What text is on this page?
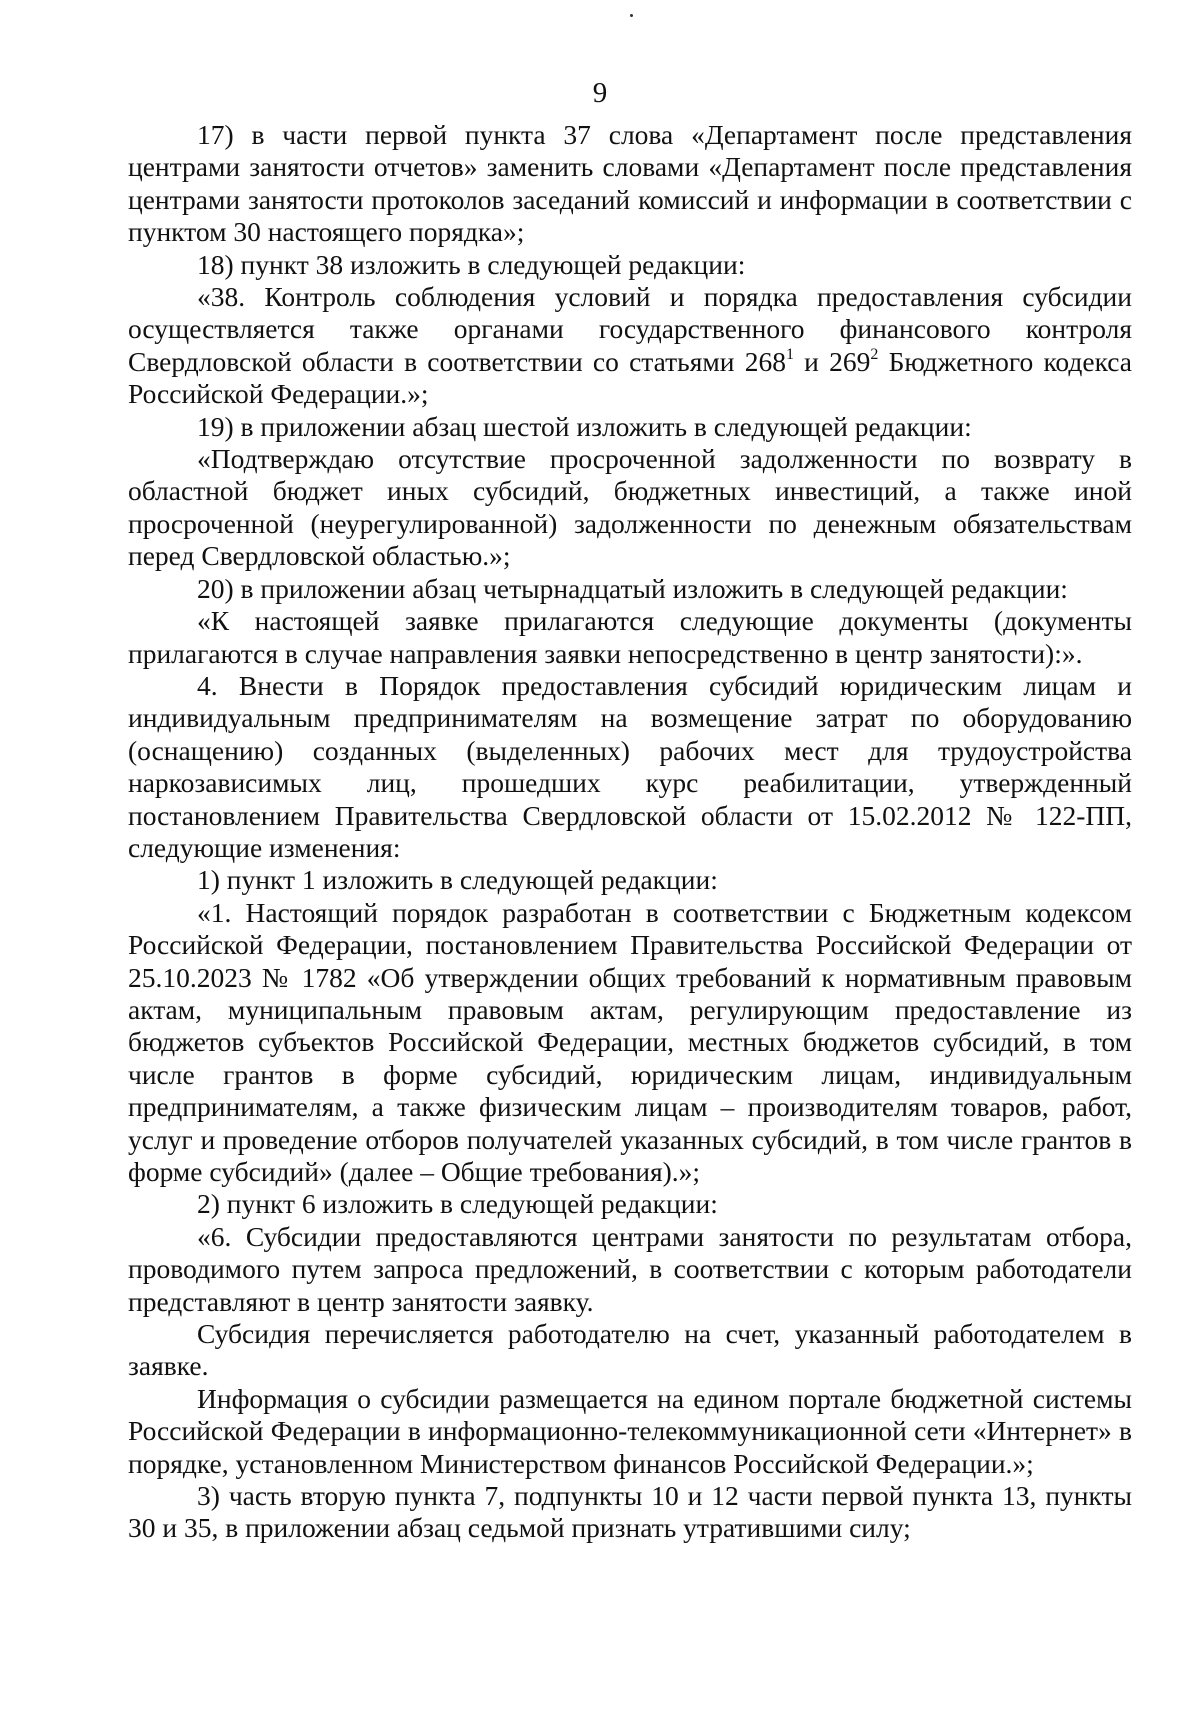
9

17) в части первой пункта 37 слова «Департамент после представления центрами занятости отчетов» заменить словами «Департамент после представления центрами занятости протоколов заседаний комиссий и информации в соответствии с пунктом 30 настоящего порядка»;

18) пункт 38 изложить в следующей редакции:

«38. Контроль соблюдения условий и порядка предоставления субсидии осуществляется также органами государственного финансового контроля Свердловской области в соответствии со статьями $268^1$ и $269^2$ Бюджетного кодекса Российской Федерации.»;

19) в приложении абзац шестой изложить в следующей редакции:

«Подтверждаю отсутствие просроченной задолженности по возврату в областной бюджет иных субсидий, бюджетных инвестиций, а также иной просроченной (неурегулированной) задолженности по денежным обязательствам перед Свердловской областью.»;

20) в приложении абзац четырнадцатый изложить в следующей редакции:

«К настоящей заявке прилагаются следующие документы (документы прилагаются в случае направления заявки непосредственно в центр занятости):».

4. Внести в Порядок предоставления субсидий юридическим лицам и индивидуальным предпринимателям на возмещение затрат по оборудованию (оснащению) созданных (выделенных) рабочих мест для трудоустройства наркозависимых лиц, прошедших курс реабилитации, утвержденный постановлением Правительства Свердловской области от 15.02.2012 № 122-ПП, следующие изменения:

1) пункт 1 изложить в следующей редакции:

«1. Настоящий порядок разработан в соответствии с Бюджетным кодексом Российской Федерации, постановлением Правительства Российской Федерации от 25.10.2023 № 1782 «Об утверждении общих требований к нормативным правовым актам, муниципальным правовым актам, регулирующим предоставление из бюджетов субъектов Российской Федерации, местных бюджетов субсидий, в том числе грантов в форме субсидий, юридическим лицам, индивидуальным предпринимателям, а также физическим лицам – производителям товаров, работ, услуг и проведение отборов получателей указанных субсидий, в том числе грантов в форме субсидий» (далее – Общие требования).»;

2) пункт 6 изложить в следующей редакции:

«6. Субсидии предоставляются центрами занятости по результатам отбора, проводимого путем запроса предложений, в соответствии с которым работодатели представляют в центр занятости заявку.

Субсидия перечисляется работодателю на счет, указанный работодателем в заявке.

Информация о субсидии размещается на едином портале бюджетной системы Российской Федерации в информационно-телекоммуникационной сети «Интернет» в порядке, установленном Министерством финансов Российской Федерации.»;

3) часть вторую пункта 7, подпункты 10 и 12 части первой пункта 13, пункты 30 и 35, в приложении абзац седьмой признать утратившими силу;
